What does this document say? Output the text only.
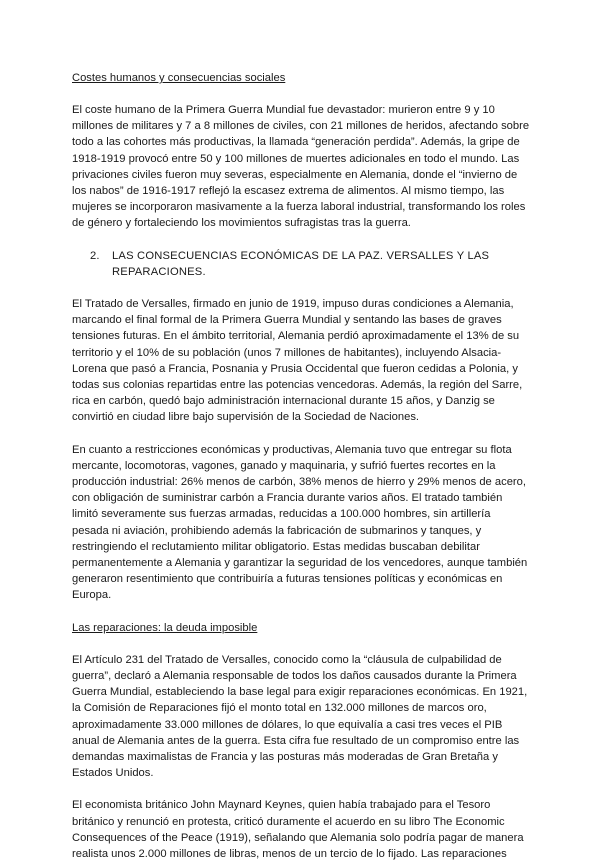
Costes humanos y consecuencias sociales

El coste humano de la Primera Guerra Mundial fue devastador: murieron entre 9 y 10 millones de militares y 7 a 8 millones de civiles, con 21 millones de heridos, afectando sobre todo a las cohortes más productivas, la llamada “generación perdida”. Además, la gripe de 1918-1919 provocó entre 50 y 100 millones de muertes adicionales en todo el mundo. Las privaciones civiles fueron muy severas, especialmente en Alemania, donde el “invierno de los nabos” de 1916-1917 reflejó la escasez extrema de alimentos. Al mismo tiempo, las mujeres se incorporaron masivamente a la fuerza laboral industrial, transformando los roles de género y fortaleciendo los movimientos sufragistas tras la guerra.

2.	LAS CONSECUENCIAS ECONÓMICAS DE LA PAZ. VERSALLES Y LAS REPARACIONES.

El Tratado de Versalles, firmado en junio de 1919, impuso duras condiciones a Alemania, marcando el final formal de la Primera Guerra Mundial y sentando las bases de graves tensiones futuras. En el ámbito territorial, Alemania perdió aproximadamente el 13% de su territorio y el 10% de su población (unos 7 millones de habitantes), incluyendo Alsacia-Lorena que pasó a Francia, Posnania y Prusia Occidental que fueron cedidas a Polonia, y todas sus colonias repartidas entre las potencias vencedoras. Además, la región del Sarre, rica en carbón, quedó bajo administración internacional durante 15 años, y Danzig se convirtió en ciudad libre bajo supervisión de la Sociedad de Naciones.

En cuanto a restricciones económicas y productivas, Alemania tuvo que entregar su flota mercante, locomotoras, vagones, ganado y maquinaria, y sufrió fuertes recortes en la producción industrial: 26% menos de carbón, 38% menos de hierro y 29% menos de acero, con obligación de suministrar carbón a Francia durante varios años. El tratado también limitó severamente sus fuerzas armadas, reducidas a 100.000 hombres, sin artillería pesada ni aviación, prohibiendo además la fabricación de submarinos y tanques, y restringiendo el reclutamiento militar obligatorio. Estas medidas buscaban debilitar permanentemente a Alemania y garantizar la seguridad de los vencedores, aunque también generaron resentimiento que contribuiría a futuras tensiones políticas y económicas en Europa.

Las reparaciones: la deuda imposible

El Artículo 231 del Tratado de Versalles, conocido como la “cláusula de culpabilidad de guerra”, declaró a Alemania responsable de todos los daños causados durante la Primera Guerra Mundial, estableciendo la base legal para exigir reparaciones económicas. En 1921, la Comisión de Reparaciones fijó el monto total en 132.000 millones de marcos oro, aproximadamente 33.000 millones de dólares, lo que equivalía a casi tres veces el PIB anual de Alemania antes de la guerra. Esta cifra fue resultado de un compromiso entre las demandas maximalistas de Francia y las posturas más moderadas de Gran Bretaña y Estados Unidos.

El economista británico John Maynard Keynes, quien había trabajado para el Tesoro británico y renunció en protesta, criticó duramente el acuerdo en su libro The Economic Consequences of the Peace (1919), señalando que Alemania solo podría pagar de manera realista unos 2.000 millones de libras, menos de un tercio de lo fijado. Las reparaciones
